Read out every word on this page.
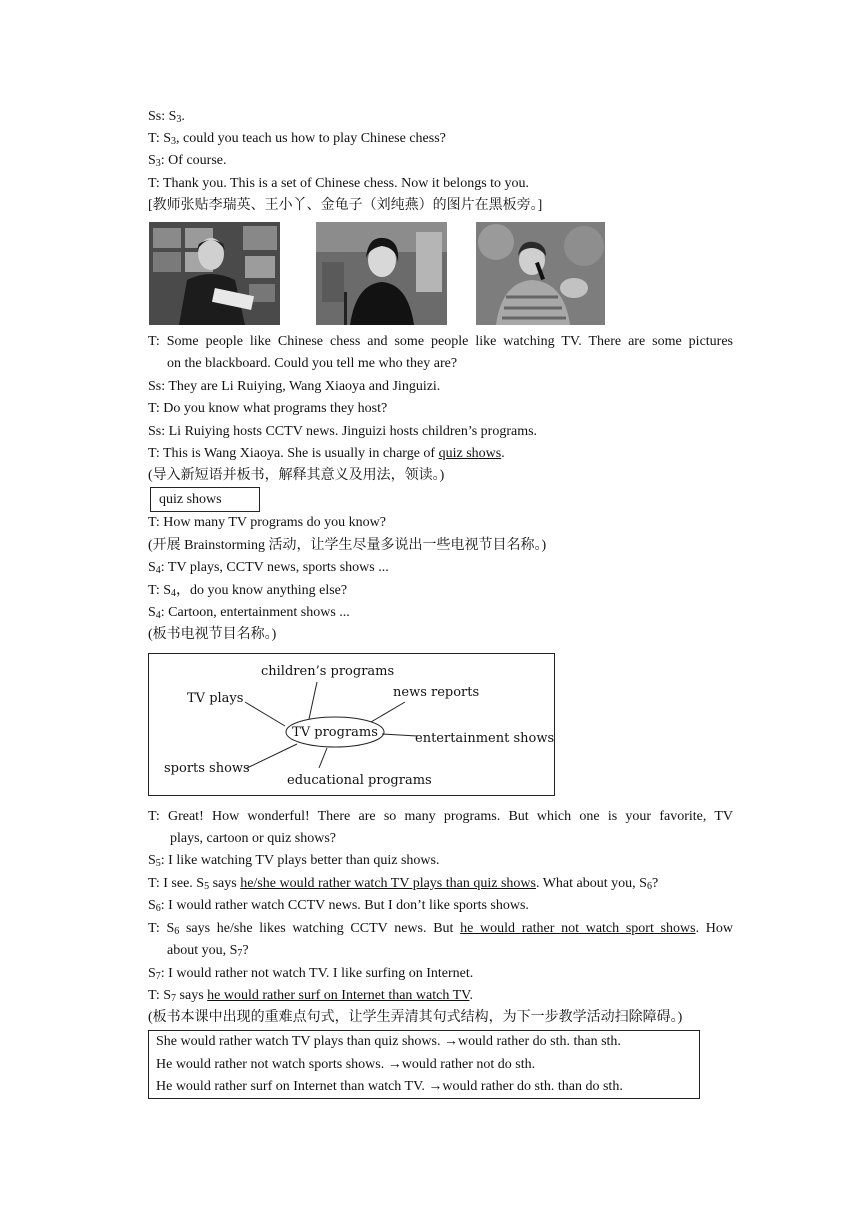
Ss: $S_3$.
T: $S_3$, could you teach us how to play Chinese chess?
$S_3$: Of course.
T: Thank you. This is a set of Chinese chess. Now it belongs to you.
[教师张贴李瑞英、王小丫、金龟子（刘纯燕）的图片在黑板旁。]
T: Some people like Chinese chess and some people like watching TV. There are some pictures
on the blackboard. Could you tell me who they are?
Ss: They are Li Ruiying, Wang Xiaoya and Jinguizi.
T: Do you know what programs they host?
Ss: Li Ruiying hosts CCTV news. Jinguizi hosts children’s programs.
T: This is Wang Xiaoya. She is usually in charge of quiz shows.
(导入新短语并板书，解释其意义及用法，领读。)
quiz shows
T: How many TV programs do you know?
(开展 Brainstorming 活动，让学生尽量多说出一些电视节目名称。)
$S_4$: TV plays, CCTV news, sports shows ...
T: $S_4$，do you know anything else?
$S_4$: Cartoon, entertainment shows ...
(板书电视节目名称。)
TV programs
children’s programs
news reports
TV plays
entertainment shows
sports shows
educational programs
T: Great! How wonderful! There are so many programs. But which one is your favorite, TV
plays, cartoon or quiz shows?
$S_5$: I like watching TV plays better than quiz shows.
T: I see. $S_5$ says he/she would rather watch TV plays than quiz shows. What about you, $S_6$?
$S_6$: I would rather watch CCTV news. But I don’t like sports shows.
T: $S_6$ says he/she likes watching CCTV news. But he would rather not watch sport shows. How
about you, $S_7$?
$S_7$: I would rather not watch TV. I like surfing on Internet.
T: $S_7$ says he would rather surf on Internet than watch TV.
(板书本课中出现的重难点句式，让学生弄清其句式结构，为下一步教学活动扫除障碍。)
She would rather watch TV plays than quiz shows. →would rather do sth. than sth.
He would rather not watch sports shows. →would rather not do sth.
He would rather surf on Internet than watch TV. →would rather do sth. than do sth.
